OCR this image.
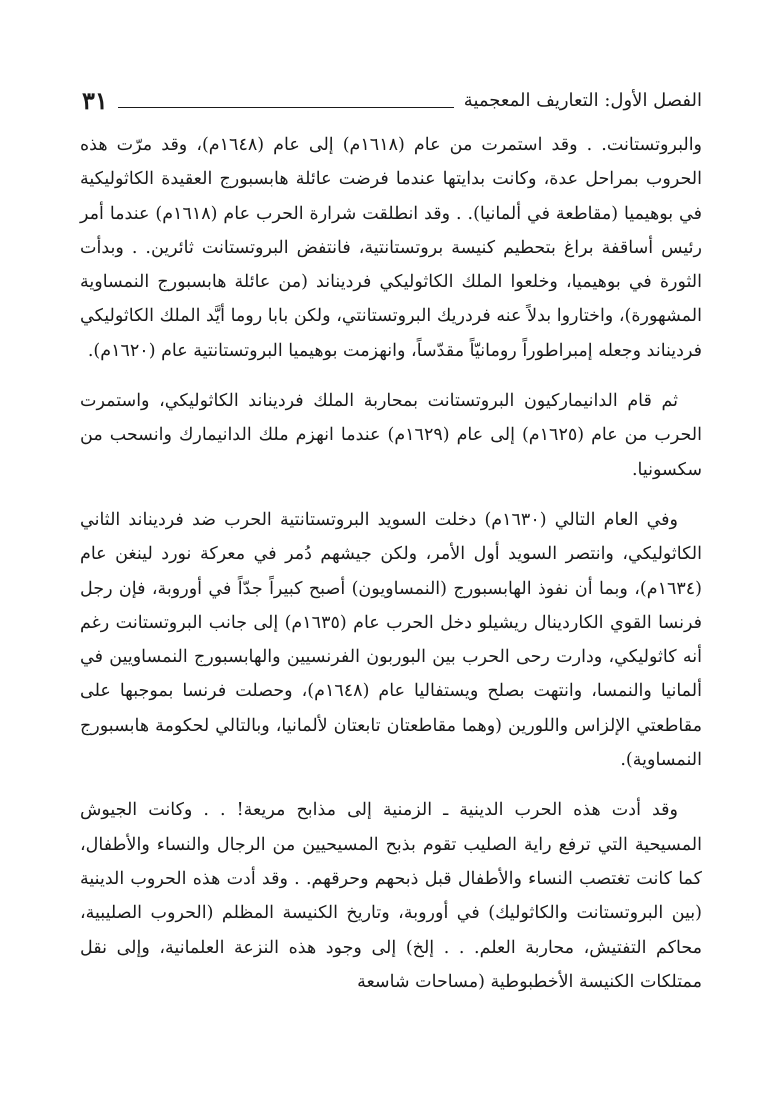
الفصل الأول: التعاريف المعجمية
٣١

والبروتستانت. . وقد استمرت من عام (١٦١٨م) إلى عام (١٦٤٨م)، وقد مرّت هذه الحروب بمراحل عدة، وكانت بدايتها عندما فرضت عائلة هابسبورج العقيدة الكاثوليكية في بوهيميا (مقاطعة في ألمانيا). . وقد انطلقت شرارة الحرب عام (١٦١٨م) عندما أمر رئيس أساقفة براغ بتحطيم كنيسة بروتستانتية، فانتفض البروتستانت ثائرين. . وبدأت الثورة في بوهيميا، وخلعوا الملك الكاثوليكي فرديناند (من عائلة هابسبورج النمساوية المشهورة)، واختاروا بدلاً عنه فردريك البروتستانتي، ولكن بابا روما أيَّد الملك الكاثوليكي فرديناند وجعله إمبراطوراً رومانيّاً مقدّساً، وانهزمت بوهيميا البروتستانتية عام (١٦٢٠م).

ثم قام الدانيماركيون البروتستانت بمحاربة الملك فرديناند الكاثوليكي، واستمرت الحرب من عام (١٦٢٥م) إلى عام (١٦٢٩م) عندما انهزم ملك الدانيمارك وانسحب من سكسونيا.

وفي العام التالي (١٦٣٠م) دخلت السويد البروتستانتية الحرب ضد فرديناند الثاني الكاثوليكي، وانتصر السويد أول الأمر، ولكن جيشهم دُمر في معركة نورد لينغن عام (١٦٣٤م)، وبما أن نفوذ الهابسبورج (النمساويون) أصبح كبيراً جدّاً في أوروبة، فإن رجل فرنسا القوي الكاردينال ريشيلو دخل الحرب عام (١٦٣٥م) إلى جانب البروتستانت رغم أنه كاثوليكي، ودارت رحى الحرب بين البوربون الفرنسيين والهابسبورج النمساويين في ألمانيا والنمسا، وانتهت بصلح ويستفاليا عام (١٦٤٨م)، وحصلت فرنسا بموجبها على مقاطعتي الإلزاس واللورين (وهما مقاطعتان تابعتان لألمانيا، وبالتالي لحكومة هابسبورج النمساوية).

وقد أدت هذه الحرب الدينية ـ الزمنية إلى مذابح مريعة! . . وكانت الجيوش المسيحية التي ترفع راية الصليب تقوم بذبح المسيحيين من الرجال والنساء والأطفال، كما كانت تغتصب النساء والأطفال قبل ذبحهم وحرقهم. . وقد أدت هذه الحروب الدينية (بين البروتستانت والكاثوليك) في أوروبة، وتاريخ الكنيسة المظلم (الحروب الصليبية، محاكم التفتيش، محاربة العلم. . . إلخ) إلى وجود هذه النزعة العلمانية، وإلى نقل ممتلكات الكنيسة الأخطبوطية (مساحات شاسعة
